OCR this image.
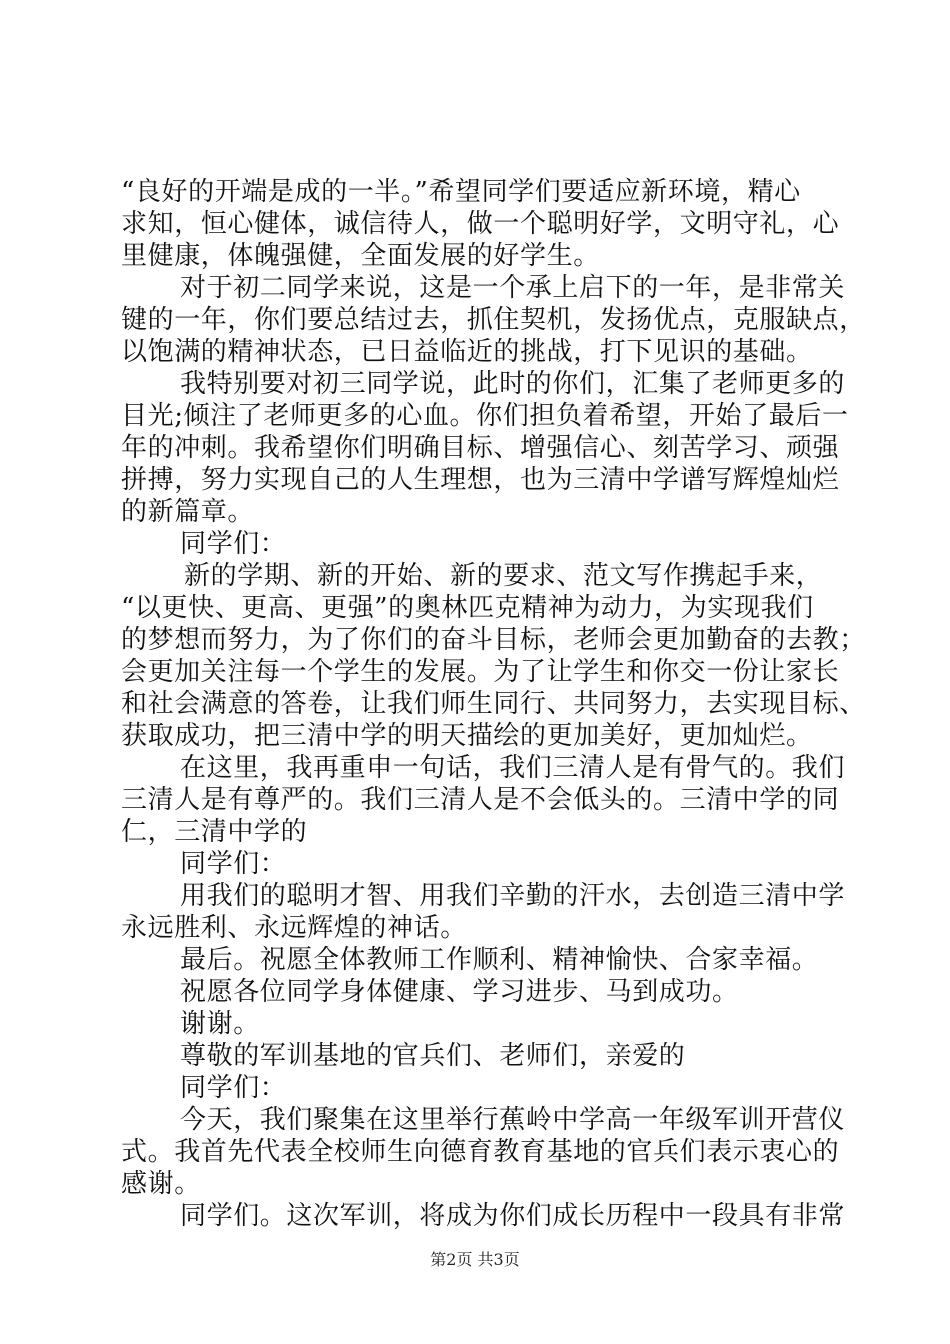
“良好的开端是成的一半。”希望同学们要适应新环境，精心
求知，恒心健体，诚信待人，做一个聪明好学，文明守礼，心
里健康，体魄强健，全面发展的好学生。
对于初二同学来说，这是一个承上启下的一年，是非常关
键的一年，你们要总结过去，抓住契机，发扬优点，克服缺点，
以饱满的精神状态，已日益临近的挑战，打下见识的基础。
我特别要对初三同学说，此时的你们，汇集了老师更多的
目光;倾注了老师更多的心血。你们担负着希望，开始了最后一
年的冲刺。我希望你们明确目标、增强信心、刻苦学习、顽强
拼搏，努力实现自己的人生理想，也为三清中学谱写辉煌灿烂
的新篇章。
同学们：
新的学期、新的开始、新的要求、范文写作携起手来，
“以更快、更高、更强”的奥林匹克精神为动力，为实现我们
的梦想而努力，为了你们的奋斗目标，老师会更加勤奋的去教；
会更加关注每一个学生的发展。为了让学生和你交一份让家长
和社会满意的答卷，让我们师生同行、共同努力，去实现目标、
获取成功，把三清中学的明天描绘的更加美好，更加灿烂。
在这里，我再重申一句话，我们三清人是有骨气的。我们
三清人是有尊严的。我们三清人是不会低头的。三清中学的同
仁，三清中学的
同学们：
用我们的聪明才智、用我们辛勤的汗水，去创造三清中学
永远胜利、永远辉煌的神话。
最后。祝愿全体教师工作顺利、精神愉快、合家幸福。
祝愿各位同学身体健康、学习进步、马到成功。
谢谢。
尊敬的军训基地的官兵们、老师们，亲爱的
同学们：
今天，我们聚集在这里举行蕉岭中学高一年级军训开营仪
式。我首先代表全校师生向德育教育基地的官兵们表示衷心的
感谢。
同学们。这次军训，将成为你们成长历程中一段具有非常
第2页 共3页
